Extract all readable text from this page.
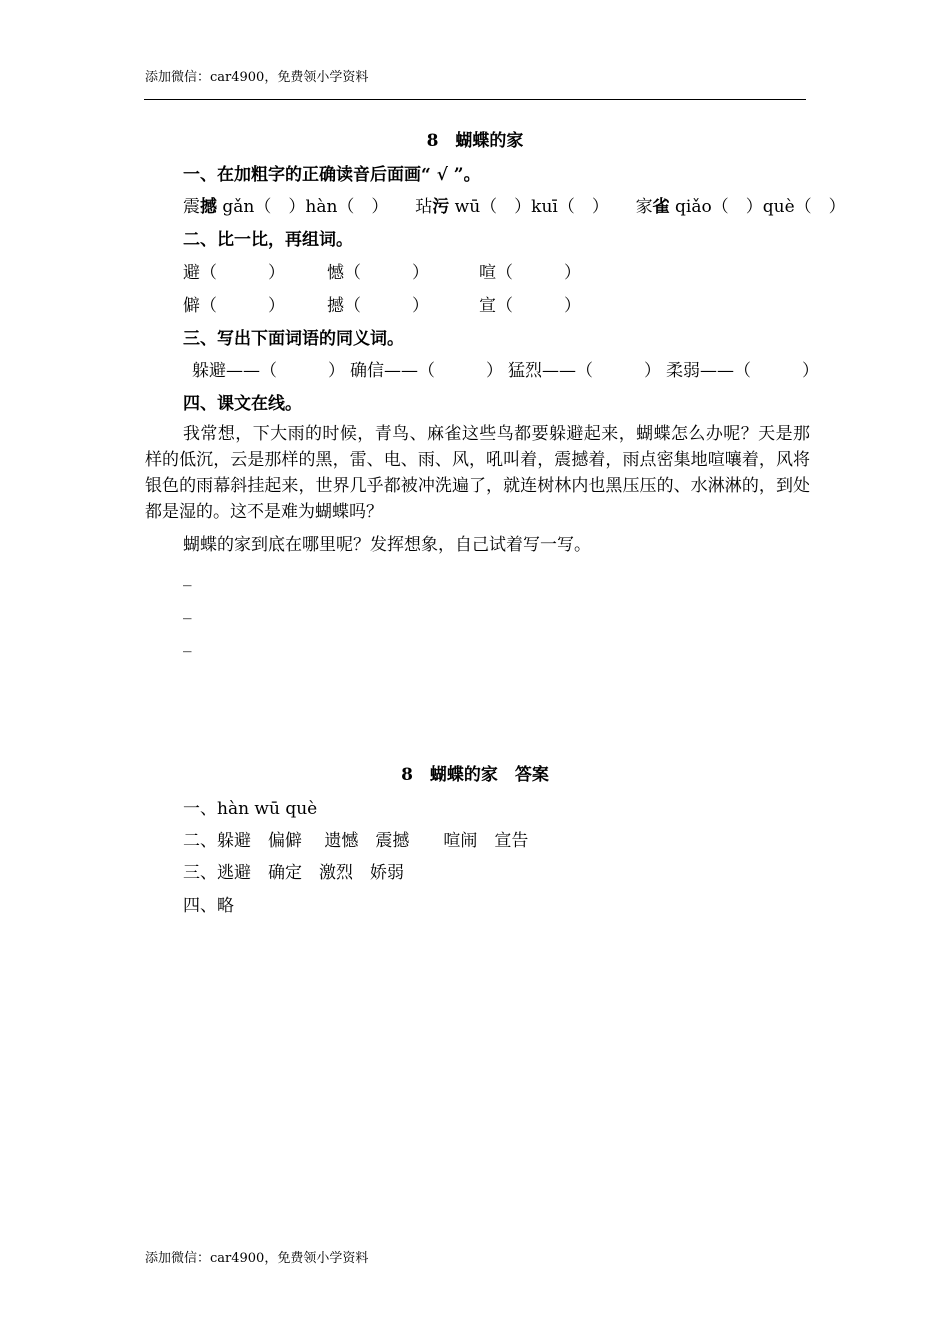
添加微信：car4900，免费领小学资料
8　蝴蝶的家
一、在加粗字的正确读音后面画“ √ ”。
震撼 gǎn（　）hàn（　） 玷污 wū（　）kuī（　） 家雀 qiǎo（　）què（　）
二、比一比，再组词。
避（　　　） 憾（　　　）	喧（　　　）
僻（　　　） 撼（　　　）	宣（　　　）
三、写出下面词语的同义词。
躲避——（　　　） 确信——（　　　） 猛烈——（　　　） 柔弱——（　　　）
四、课文在线。
我常想，下大雨的时候，青鸟、麻雀这些鸟都要躲避起来，蝴蝶怎么办呢？天是那样的低沉，云是那样的黑，雷、电、雨、风，吼叫着，震撼着，雨点密集地喧嚷着，风将银色的雨幕斜挂起来，世界几乎都被冲洗遍了，就连树林内也黑压压的、水淋淋的，到处都是湿的。这不是难为蝴蝶吗？
蝴蝶的家到底在哪里呢？发挥想象，自己试着写一写。
_
_
_
8　蝴蝶的家　答案
一、hàn wū què
二、躲避　偏僻　 遗憾　震撼　　喧闹　宣告
三、逃避　确定　激烈　娇弱
四、略
添加微信：car4900，免费领小学资料
